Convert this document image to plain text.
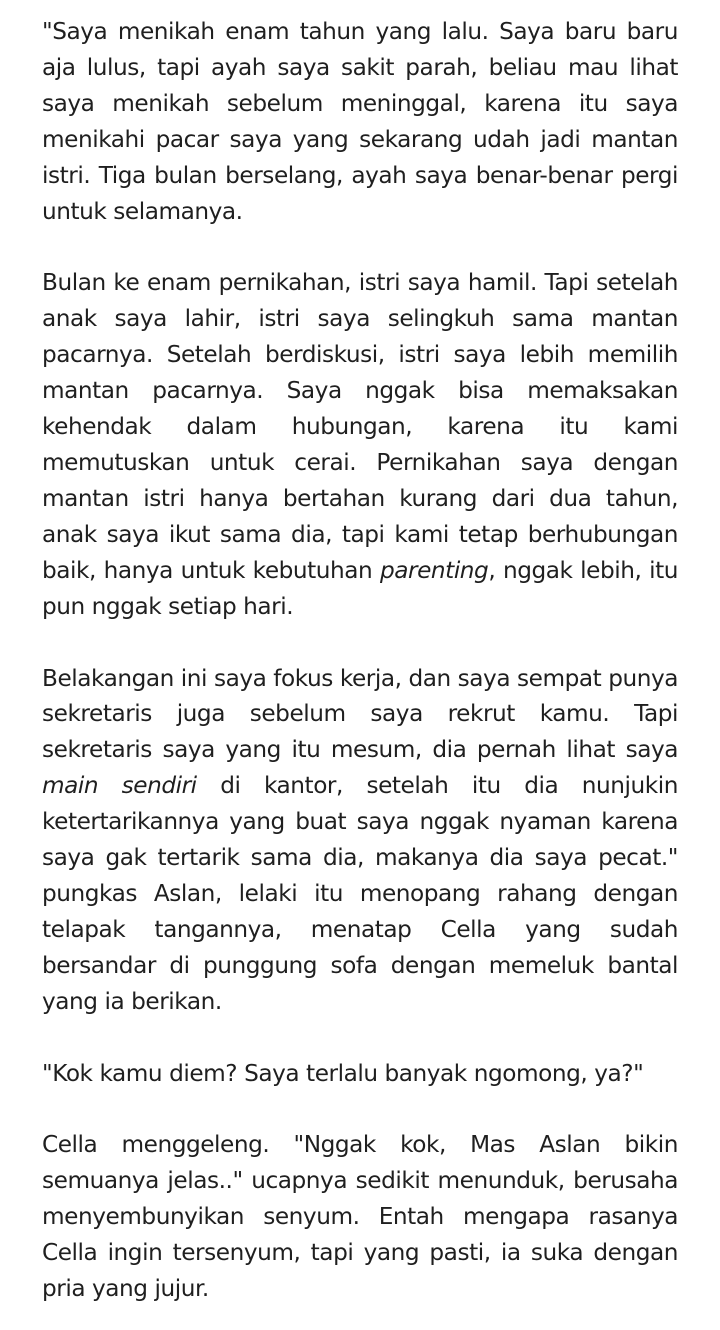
"Saya menikah enam tahun yang lalu. Saya baru baru aja lulus, tapi ayah saya sakit parah, beliau mau lihat saya menikah sebelum meninggal, karena itu saya menikahi pacar saya yang sekarang udah jadi mantan istri. Tiga bulan berselang, ayah saya benar-benar pergi untuk selamanya.

Bulan ke enam pernikahan, istri saya hamil. Tapi setelah anak saya lahir, istri saya selingkuh sama mantan pacarnya. Setelah berdiskusi, istri saya lebih memilih mantan pacarnya. Saya nggak bisa memaksakan kehendak dalam hubungan, karena itu kami memutuskan untuk cerai. Pernikahan saya dengan mantan istri hanya bertahan kurang dari dua tahun, anak saya ikut sama dia, tapi kami tetap berhubungan baik, hanya untuk kebutuhan parenting, nggak lebih, itu pun nggak setiap hari.

Belakangan ini saya fokus kerja, dan saya sempat punya sekretaris juga sebelum saya rekrut kamu. Tapi sekretaris saya yang itu mesum, dia pernah lihat saya main sendiri di kantor, setelah itu dia nunjukin ketertarikannya yang buat saya nggak nyaman karena saya gak tertarik sama dia, makanya dia saya pecat." pungkas Aslan, lelaki itu menopang rahang dengan telapak tangannya, menatap Cella yang sudah bersandar di punggung sofa dengan memeluk bantal yang ia berikan.

"Kok kamu diem? Saya terlalu banyak ngomong, ya?"

Cella menggeleng. "Nggak kok, Mas Aslan bikin semuanya jelas.." ucapnya sedikit menunduk, berusaha menyembunyikan senyum. Entah mengapa rasanya Cella ingin tersenyum, tapi yang pasti, ia suka dengan pria yang jujur.
